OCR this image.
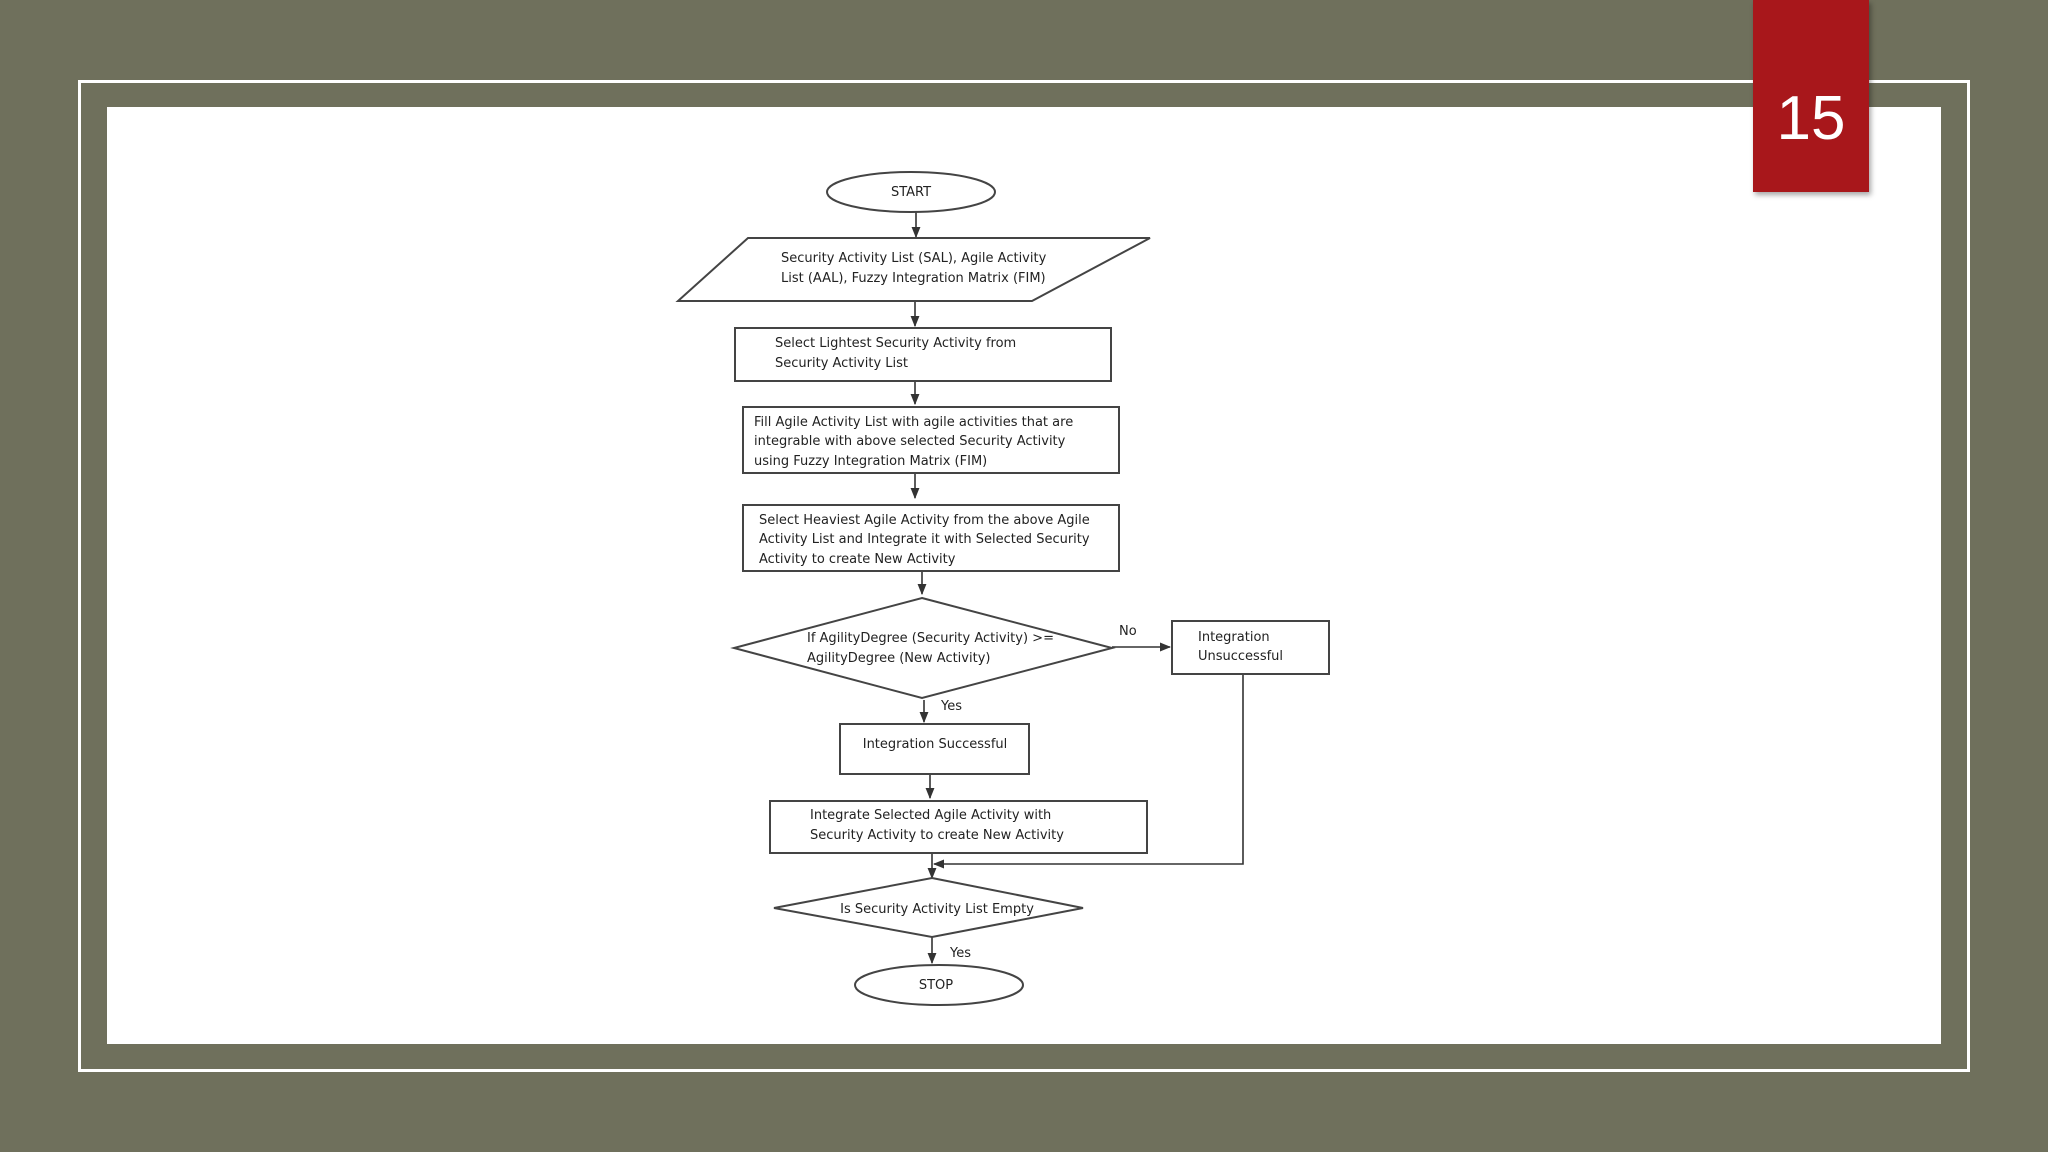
START
Security Activity List (SAL), Agile Activity
List (AAL), Fuzzy Integration Matrix (FIM)
Select Lightest Security Activity from
Security Activity List
Fill Agile Activity List with agile activities that are
integrable with above selected Security Activity
using Fuzzy Integration Matrix (FIM)
Select Heaviest Agile Activity from the above Agile
Activity List and Integrate it with Selected Security
Activity to create New Activity
If AgilityDegree (Security Activity) >=
AgilityDegree (New Activity)
No	Integration
Unsuccessful
Yes
Integration Successful
Integrate Selected Agile Activity with
Security Activity to create New Activity
Is Security Activity List Empty
Yes
STOP
15
